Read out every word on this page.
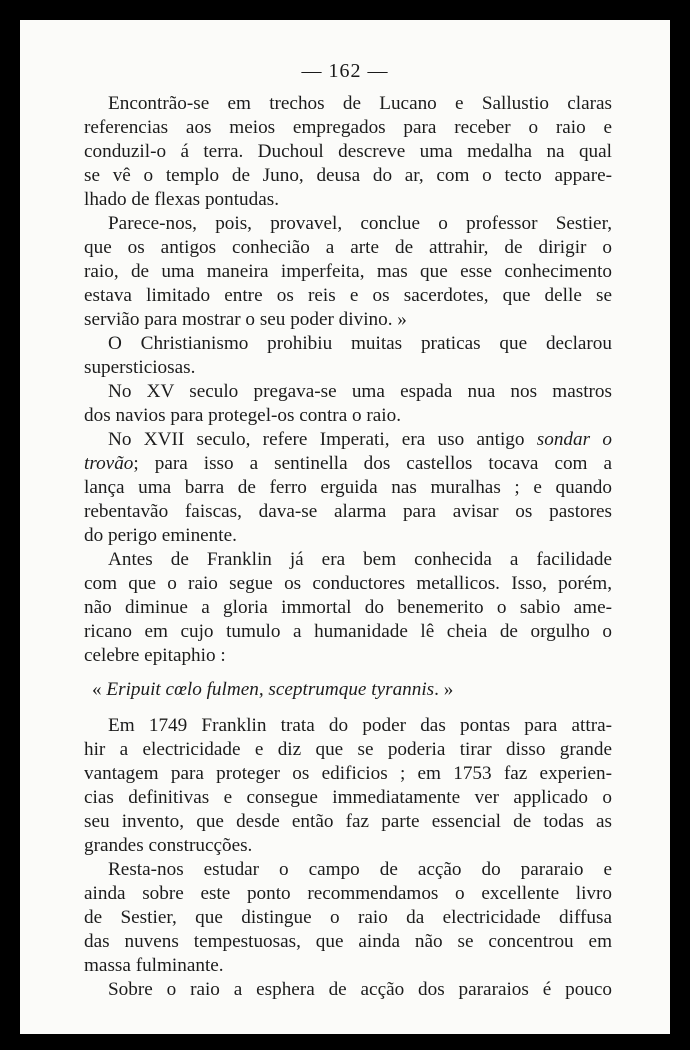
— 162 —
Encontrão-se em trechos de Lucano e Sallustio claras
referencias aos meios empregados para receber o raio e
conduzil-o á terra. Duchoul descreve uma medalha na qual
se vê o templo de Juno, deusa do ar, com o tecto appare-
lhado de flexas pontudas.
Parece-nos, pois, provavel, conclue o professor Sestier,
que os antigos conhecião a arte de attrahir, de dirigir o
raio, de uma maneira imperfeita, mas que esse conhecimento
estava limitado entre os reis e os sacerdotes, que delle se
servião para mostrar o seu poder divino. »
O Christianismo prohibiu muitas praticas que declarou
supersticiosas.
No XV seculo pregava-se uma espada nua nos mastros
dos navios para protegel-os contra o raio.
No XVII seculo, refere Imperati, era uso antigo sondar o
trovão; para isso a sentinella dos castellos tocava com a
lança uma barra de ferro erguida nas muralhas ; e quando
rebentavão faiscas, dava-se alarma para avisar os pastores
do perigo eminente.
Antes de Franklin já era bem conhecida a facilidade
com que o raio segue os conductores metallicos. Isso, porém,
não diminue a gloria immortal do benemerito o sabio ame-
ricano em cujo tumulo a humanidade lê cheia de orgulho o
celebre epitaphio :
« Eripuit cœlo fulmen, sceptrumque tyrannis. »
Em 1749 Franklin trata do poder das pontas para attra-
hir a electricidade e diz que se poderia tirar disso grande
vantagem para proteger os edificios ; em 1753 faz experien-
cias definitivas e consegue immediatamente ver applicado o
seu invento, que desde então faz parte essencial de todas as
grandes construcções.
Resta-nos estudar o campo de acção do pararaio e
ainda sobre este ponto recommendamos o excellente livro
de Sestier, que distingue o raio da electricidade diffusa
das nuvens tempestuosas, que ainda não se concentrou em
massa fulminante.
Sobre o raio a esphera de acção dos pararaios é pouco
